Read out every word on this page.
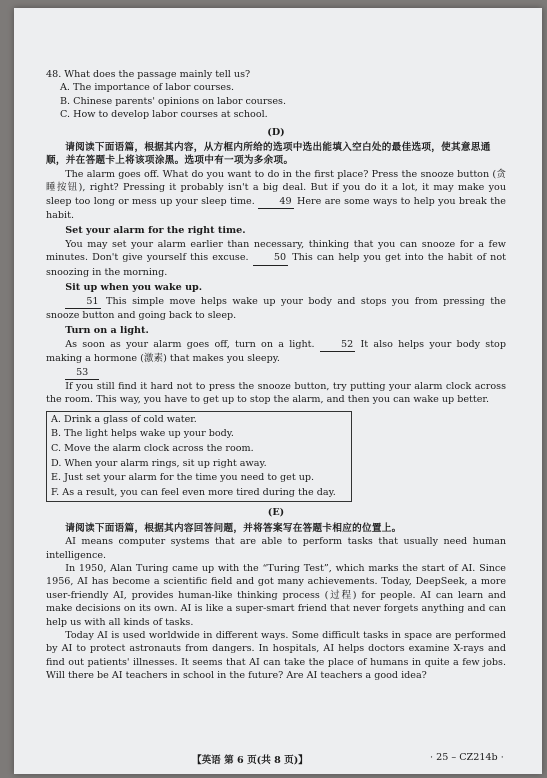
48. What does the passage mainly tell us?

A. The importance of labor courses.

B. Chinese parents' opinions on labor courses.

C. How to develop labor courses at school.

(D)

请阅读下面语篇，根据其内容，从方框内所给的选项中选出能填入空白处的最佳选项，使其意思通顺，并在答题卡上将该项涂黑。选项中有一项为多余项。

The alarm goes off. What do you want to do in the first place? Press the snooze button (贪睡按钮), right? Pressing it probably isn't a big deal. But if you do it a lot, it may make you sleep too long or mess up your sleep time.	49 Here are some ways to help you break the habit.

Set your alarm for the right time.

You may set your alarm earlier than necessary, thinking that you can snooze for a few minutes. Don't give yourself this excuse.	50 This can help you get into the habit of not snoozing in the morning.

Sit up when you wake up.

51 This simple move helps wake up your body and stops you from pressing the snooze button and going back to sleep.

Turn on a light.

As soon as your alarm goes off, turn on a light.	52 It also helps your body stop making a hormone (激素) that makes you sleepy.

53

If you still find it hard not to press the snooze button, try putting your alarm clock across the room. This way, you have to get up to stop the alarm, and then you can wake up better.

A. Drink a glass of cold water.
B. The light helps wake up your body.
C. Move the alarm clock across the room.
D. When your alarm rings, sit up right away.
E. Just set your alarm for the time you need to get up.
F. As a result, you can feel even more tired during the day.
(E)

请阅读下面语篇，根据其内容回答问题，并将答案写在答题卡相应的位置上。

AI means computer systems that are able to perform tasks that usually need human intelligence.

In 1950, Alan Turing came up with the “Turing Test”, which marks the start of AI. Since 1956, AI has become a scientific field and got many achievements. Today, DeepSeek, a more user-friendly AI, provides human-like thinking process (过程) for people. AI can learn and make decisions on its own. AI is like a super-smart friend that never forgets anything and can help us with all kinds of tasks.

Today AI is used worldwide in different ways. Some difficult tasks in space are performed by AI to protect astronauts from dangers. In hospitals, AI helps doctors examine X-rays and find out patients' illnesses. It seems that AI can take the place of humans in quite a few jobs. Will there be AI teachers in school in the future? Are AI teachers a good idea?

【英语 第 6 页(共 8 页)】	· 25 – CZ214b ·
